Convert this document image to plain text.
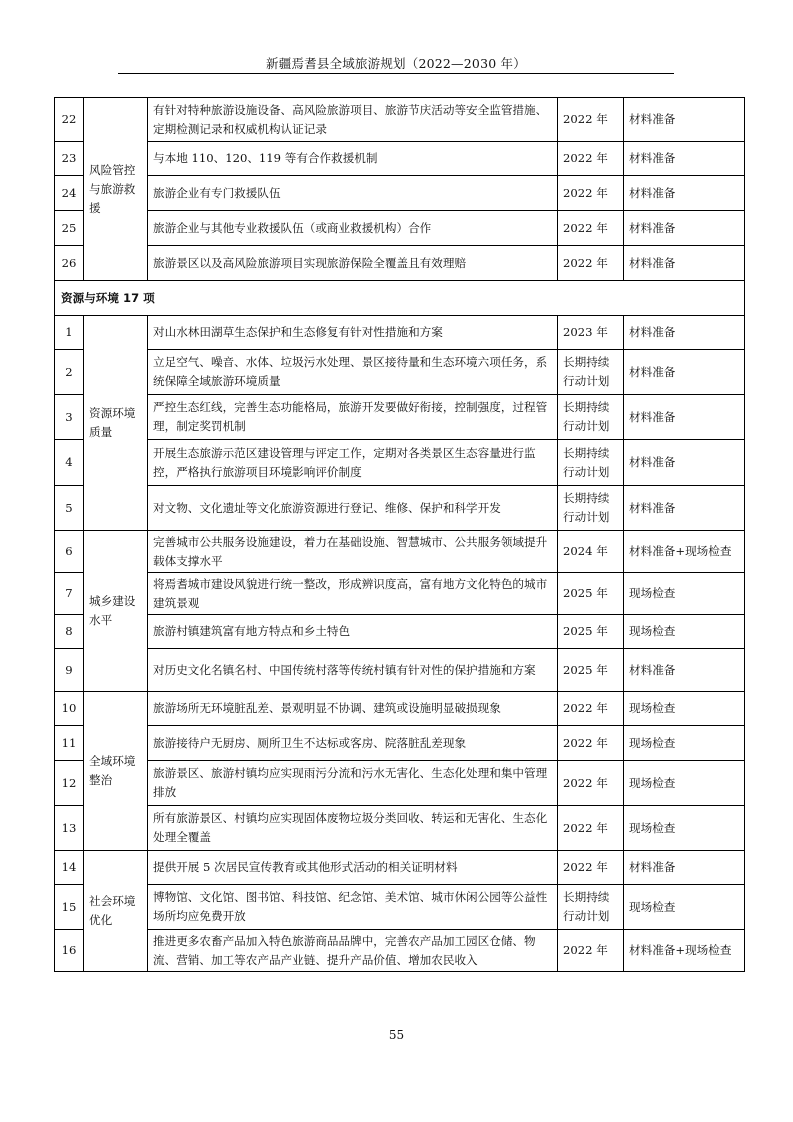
新疆焉耆县全域旅游规划（2022—2030 年）
22	风险管控与旅游救援	有针对特种旅游设施设备、高风险旅游项目、旅游节庆活动等安全监管措施、定期检测记录和权威机构认证记录	2022 年	材料准备
23		与本地 110、120、119 等有合作救援机制	2022 年	材料准备
24		旅游企业有专门救援队伍	2022 年	材料准备
25		旅游企业与其他专业救援队伍（或商业救援机构）合作	2022 年	材料准备
26		旅游景区以及高风险旅游项目实现旅游保险全覆盖且有效理赔	2022 年	材料准备
资源与环境 17 项				
1	资源环境质量	对山水林田湖草生态保护和生态修复有针对性措施和方案	2023 年	材料准备
2		立足空气、噪音、水体、垃圾污水处理、景区接待量和生态环境六项任务，系统保障全域旅游环境质量	长期持续行动计划	材料准备
3		严控生态红线，完善生态功能格局，旅游开发要做好衔接，控制强度，过程管理，制定奖罚机制	长期持续行动计划	材料准备
4		开展生态旅游示范区建设管理与评定工作，定期对各类景区生态容量进行监控，严格执行旅游项目环境影响评价制度	长期持续行动计划	材料准备
5		对文物、文化遗址等文化旅游资源进行登记、维修、保护和科学开发	长期持续行动计划	材料准备
6	城乡建设水平	完善城市公共服务设施建设，着力在基础设施、智慧城市、公共服务领域提升载体支撑水平	2024 年	材料准备+现场检查
7		将焉耆城市建设风貌进行统一整改，形成辨识度高，富有地方文化特色的城市建筑景观	2025 年	现场检查
8		旅游村镇建筑富有地方特点和乡土特色	2025 年	现场检查
9		对历史文化名镇名村、中国传统村落等传统村镇有针对性的保护措施和方案	2025 年	材料准备
10	全域环境整治	旅游场所无环境脏乱差、景观明显不协调、建筑或设施明显破损现象	2022 年	现场检查
11		旅游接待户无厨房、厕所卫生不达标或客房、院落脏乱差现象	2022 年	现场检查
12		旅游景区、旅游村镇均应实现雨污分流和污水无害化、生态化处理和集中管理排放	2022 年	现场检查
13		所有旅游景区、村镇均应实现固体废物垃圾分类回收、转运和无害化、生态化处理全覆盖	2022 年	现场检查
14	社会环境优化	提供开展 5 次居民宣传教育或其他形式活动的相关证明材料	2022 年	材料准备
15		博物馆、文化馆、图书馆、科技馆、纪念馆、美术馆、城市休闲公园等公益性场所均应免费开放	长期持续行动计划	现场检查
16		推进更多农畜产品加入特色旅游商品品牌中，完善农产品加工园区仓储、物流、营销、加工等农产品产业链、提升产品价值、增加农民收入	2022 年	材料准备+现场检查
55
